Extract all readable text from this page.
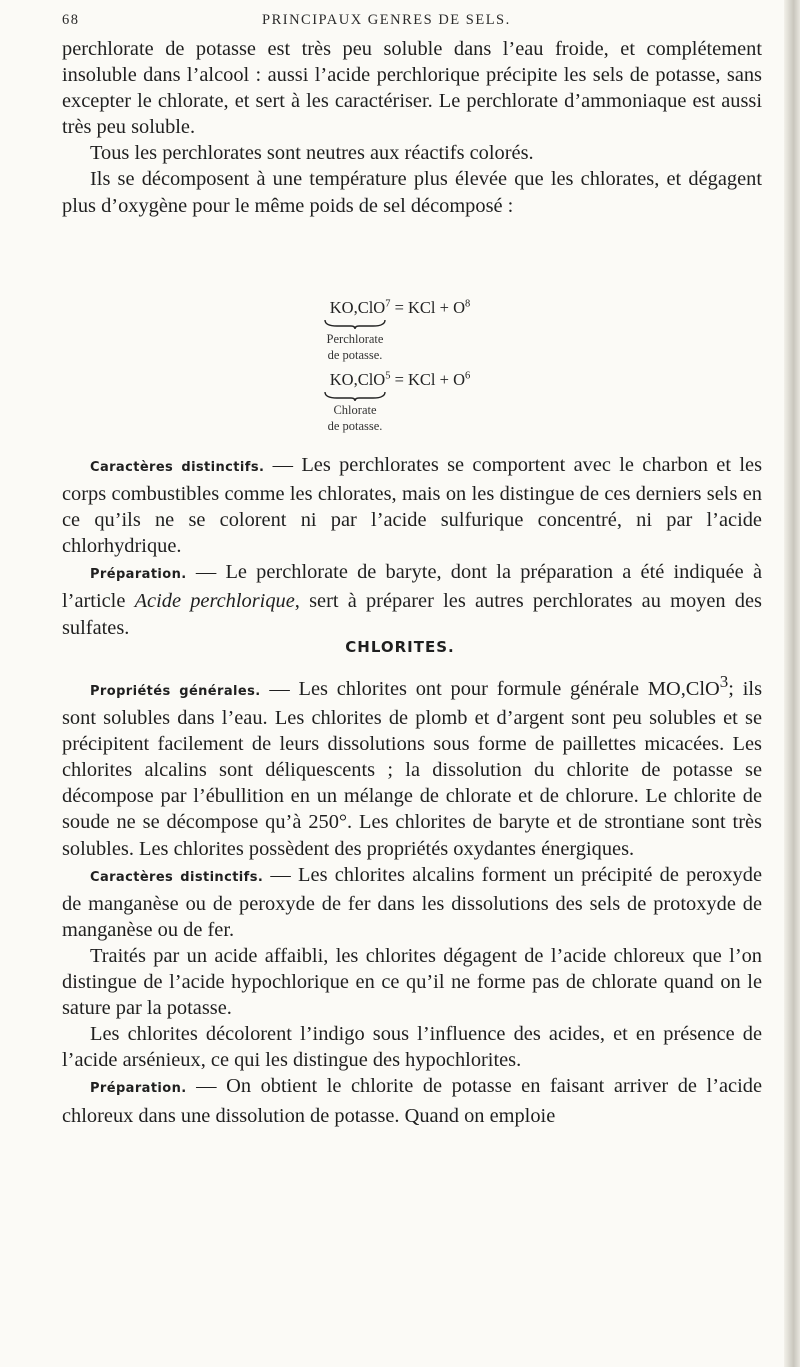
68	PRINCIPAUX GENRES DE SELS.

perchlorate de potasse est très peu soluble dans l’eau froide, et complétement insoluble dans l’alcool : aussi l’acide perchlorique précipite les sels de potasse, sans excepter le chlorate, et sert à les caractériser. Le perchlorate d’ammoniaque est aussi très peu soluble.

Tous les perchlorates sont neutres aux réactifs colorés.

Ils se décomposent à une température plus élevée que les chlorates, et dégagent plus d’oxygène pour le même poids de sel décomposé :

KO,ClO$^7$ = KCl + $O^8$
Perchlorate
de potasse.
KO,ClO$^5$ = KCl + $O^6$
Chlorate
de potasse.

Caractères distinctifs. — Les perchlorates se comportent avec le charbon et les corps combustibles comme les chlorates, mais on les distingue de ces derniers sels en ce qu’ils ne se colorent ni par l’acide sulfurique concentré, ni par l’acide chlorhydrique.

Préparation. — Le perchlorate de baryte, dont la préparation a été indiquée à l’article Acide perchlorique, sert à préparer les autres perchlorates au moyen des sulfates.

CHLORITES.

Propriétés générales. — Les chlorites ont pour formule générale MO,ClO$^3$; ils sont solubles dans l’eau. Les chlorites de plomb et d’argent sont peu solubles et se précipitent facilement de leurs dissolutions sous forme de paillettes micacées. Les chlorites alcalins sont déliquescents ; la dissolution du chlorite de potasse se décompose par l’ébullition en un mélange de chlorate et de chlorure. Le chlorite de soude ne se décompose qu’à 250°. Les chlorites de baryte et de strontiane sont très solubles. Les chlorites possèdent des propriétés oxydantes énergiques.

Caractères distinctifs. — Les chlorites alcalins forment un précipité de peroxyde de manganèse ou de peroxyde de fer dans les dissolutions des sels de protoxyde de manganèse ou de fer.

Traités par un acide affaibli, les chlorites dégagent de l’acide chloreux que l’on distingue de l’acide hypochlorique en ce qu’il ne forme pas de chlorate quand on le sature par la potasse.

Les chlorites décolorent l’indigo sous l’influence des acides, et en présence de l’acide arsénieux, ce qui les distingue des hypochlorites.

Préparation. — On obtient le chlorite de potasse en faisant arriver de l’acide chloreux dans une dissolution de potasse. Quand on emploie
